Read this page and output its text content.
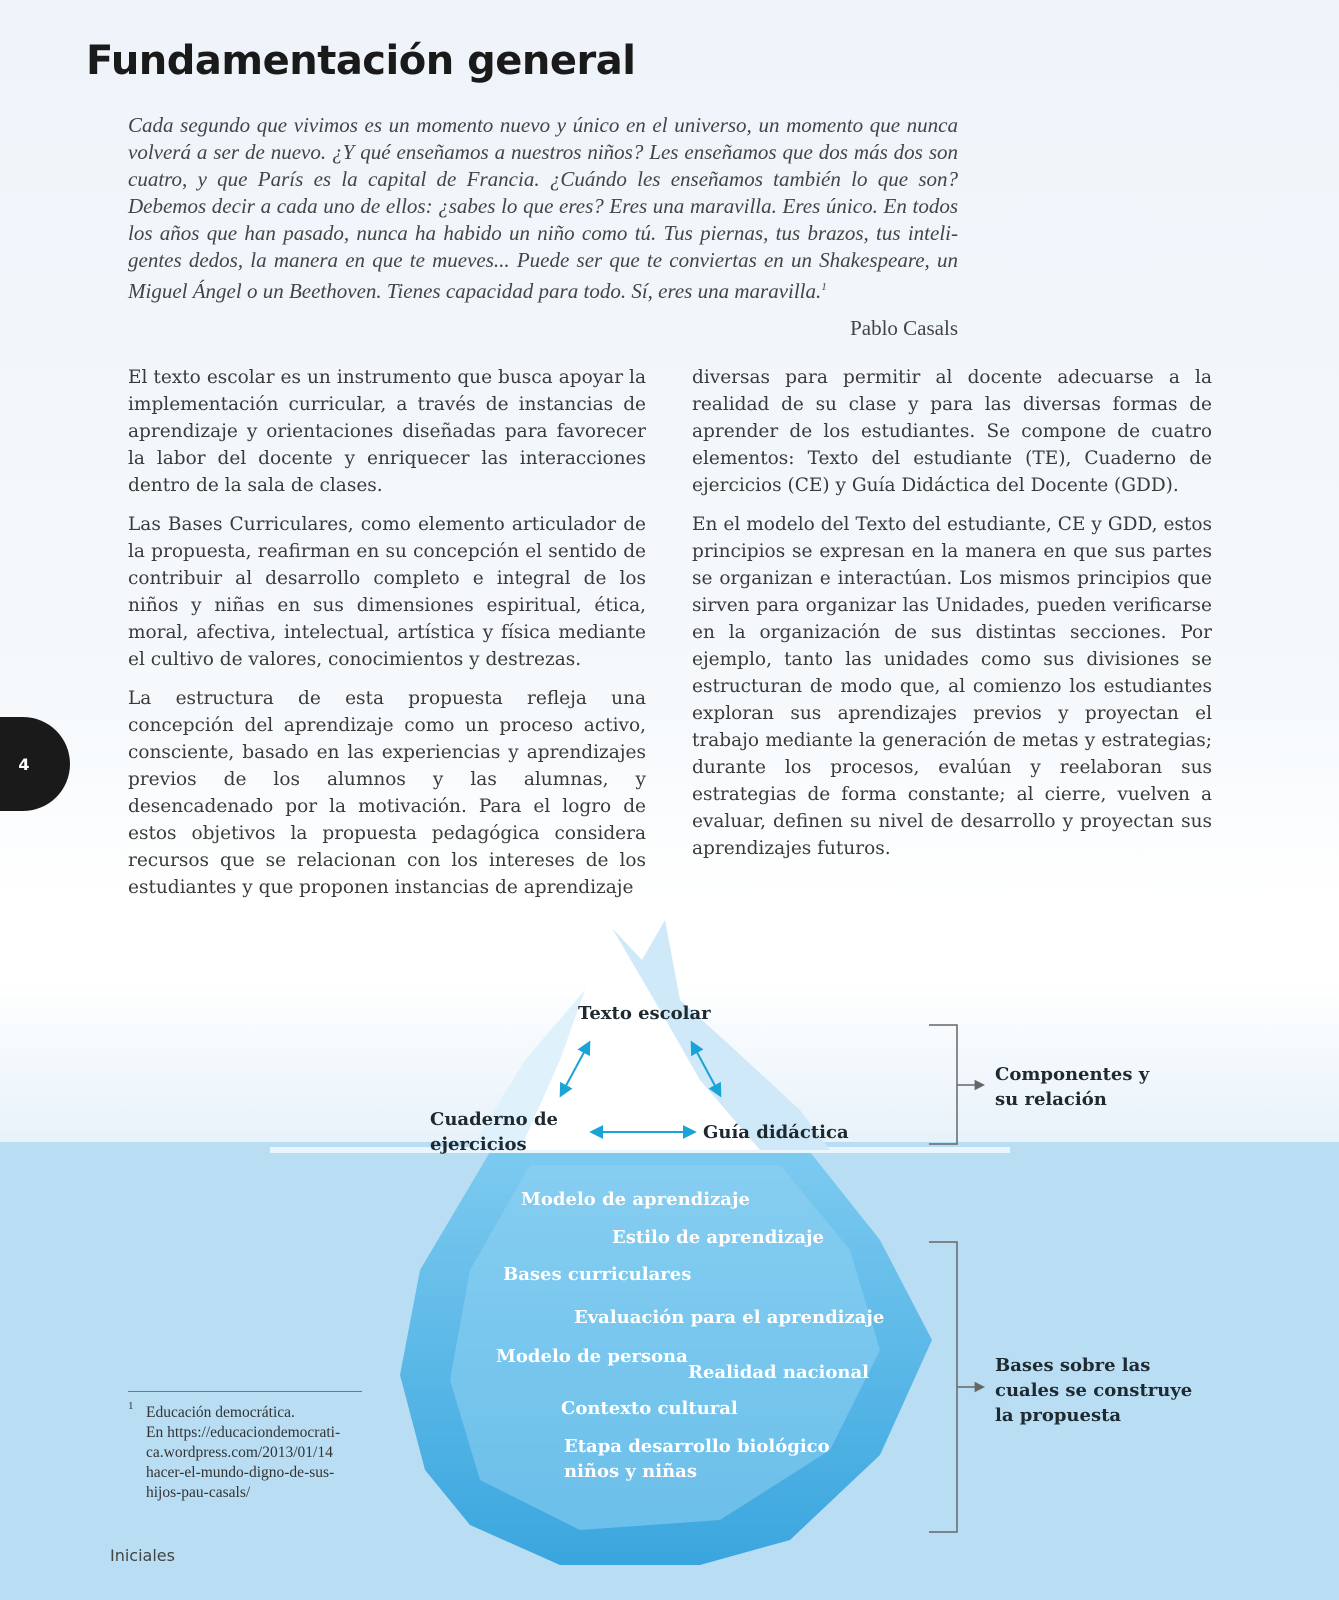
Fundamentación general

Cada segundo que vivimos es un momento nuevo y único en el universo, un momento que nunca volverá a ser de nuevo. ¿Y qué enseñamos a nuestros niños? Les enseñamos que dos más dos son cuatro, y que París es la capital de Francia. ¿Cuándo les enseñamos también lo que son? Debemos decir a cada uno de ellos: ¿sabes lo que eres? Eres una maravilla. Eres único. En todos los años que han pasado, nunca ha habido un niño como tú. Tus piernas, tus brazos, tus inteli- gentes dedos, la manera en que te mueves... Puede ser que te conviertas en un Shakespeare, un Miguel Ángel o un Beethoven. Tienes capacidad para todo. Sí, eres una maravilla.$^1$

Pablo Casals

El texto escolar es un instrumento que busca apoyar la implementación curricular, a través de instancias de aprendizaje y orientaciones diseñadas para favorecer la labor del docente y enriquecer las interacciones dentro de la sala de clases.

Las Bases Curriculares, como elemento articulador de la propuesta, reafirman en su concepción el sentido de contribuir al desarrollo completo e integral de los niños y niñas en sus dimensiones espiritual, ética, moral, afectiva, intelectual, artística y física mediante el cultivo de valores, conocimientos y destrezas.

La estructura de esta propuesta refleja una concepción del aprendizaje como un proceso activo, consciente, basado en las experiencias y aprendizajes previos de los alumnos y las alumnas, y desencadenado por la motivación. Para el logro de estos objetivos la propuesta pedagógica considera recursos que se relacionan con los intereses de los estudiantes y que proponen instancias de aprendizaje

diversas para permitir al docente adecuarse a la realidad de su clase y para las diversas formas de aprender de los estudiantes. Se compone de cuatro elementos: Texto del estudiante (TE), Cuaderno de ejercicios (CE) y Guía Didáctica del Docente (GDD).

En el modelo del Texto del estudiante, CE y GDD, estos principios se expresan en la manera en que sus partes se organizan e interactúan. Los mismos principios que sirven para organizar las Unidades, pueden verificarse en la organización de sus distintas secciones. Por ejemplo, tanto las unidades como sus divisiones se estructuran de modo que, al comienzo los estudiantes exploran sus aprendizajes previos y proyectan el trabajo mediante la generación de metas y estrategias; durante los procesos, evalúan y reelaboran sus estrategias de forma constante; al cierre, vuelven a evaluar, definen su nivel de desarrollo y proyectan sus aprendizajes futuros.

4
Texto escolar
Cuaderno de
ejercicios
Guía didáctica
Modelo de aprendizaje
Estilo de aprendizaje
Bases curriculares
Evaluación para el aprendizaje
Modelo de persona
Realidad nacional
Contexto cultural
Etapa desarrollo biológico
niños y niñas
Componentes y
su relación
Bases sobre las
cuales se construye
la propuesta
1 Educación democrática.
En https://educaciondemocrati-
ca.wordpress.com/2013/01/14
hacer-el-mundo-digno-de-sus-
hijos-pau-casals/

Iniciales
